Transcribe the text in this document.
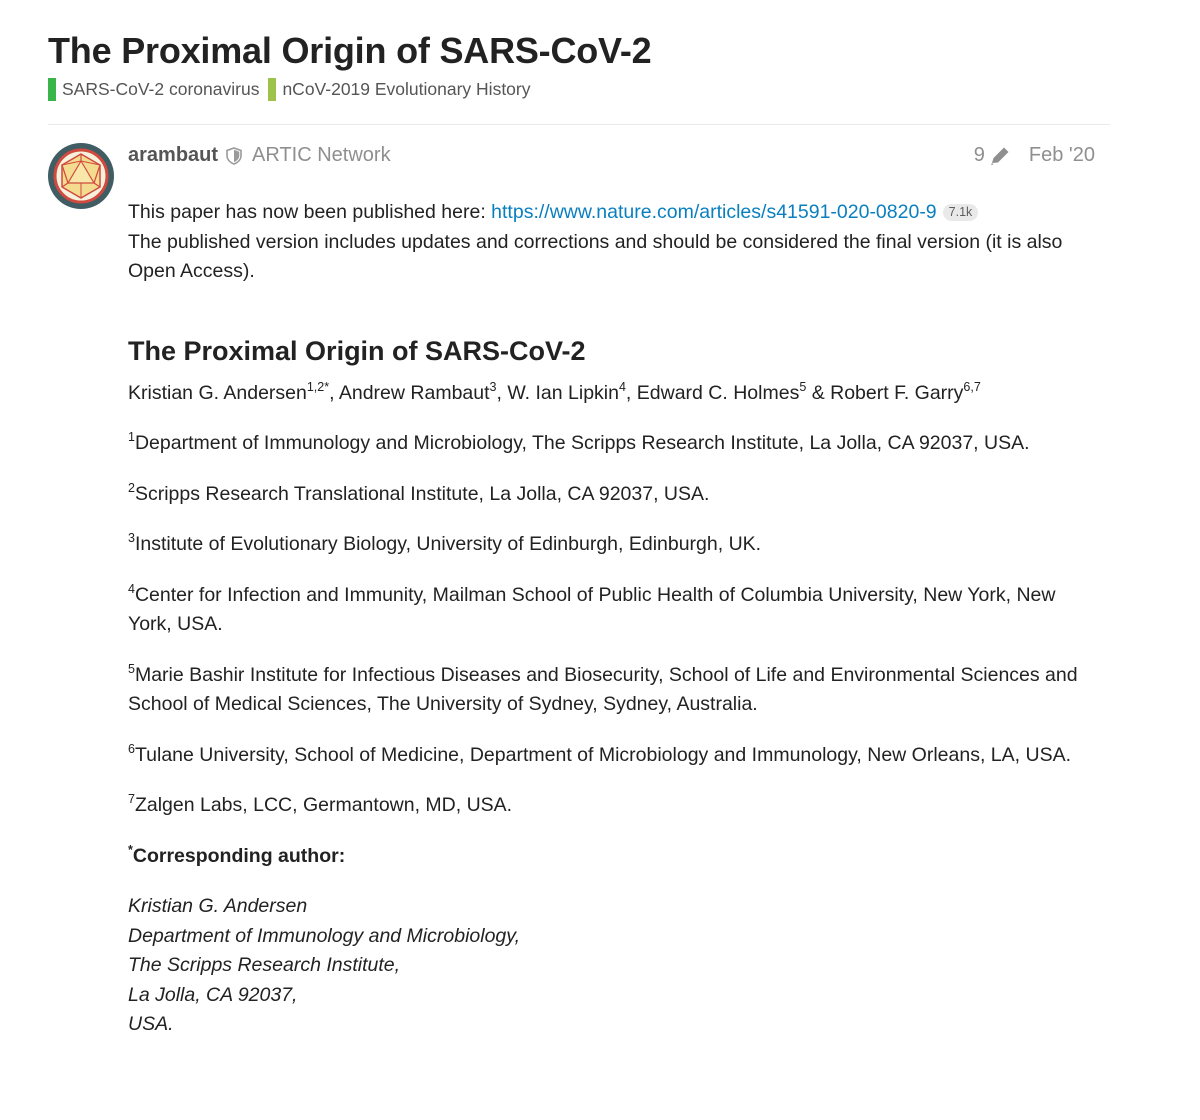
The Proximal Origin of SARS-CoV-2
SARS-CoV-2 coronavirus nCoV-2019 Evolutionary History
arambaut ARTIC Network	9 Feb '20

This paper has now been published here: https://www.nature.com/articles/s41591-020-0820-9 7.1k
The published version includes updates and corrections and should be considered the final version (it is also Open Access).

The Proximal Origin of SARS-CoV-2

Kristian G. Andersen$^{1,2*}$, Andrew Rambaut$^3$, W. Ian Lipkin$^4$, Edward C. Holmes$^5$ & Robert F. Garry$^{6,7}$

$^1$Department of Immunology and Microbiology, The Scripps Research Institute, La Jolla, CA 92037, USA.

$^2$Scripps Research Translational Institute, La Jolla, CA 92037, USA.

$^3$Institute of Evolutionary Biology, University of Edinburgh, Edinburgh, UK.

$^4$Center for Infection and Immunity, Mailman School of Public Health of Columbia University, New York, New York, USA.

$^5$Marie Bashir Institute for Infectious Diseases and Biosecurity, School of Life and Environmental Sciences and School of Medical Sciences, The University of Sydney, Sydney, Australia.

$^6$Tulane University, School of Medicine, Department of Microbiology and Immunology, New Orleans, LA, USA.

$^7$Zalgen Labs, LCC, Germantown, MD, USA.

*Corresponding author:

Kristian G. Andersen
Department of Immunology and Microbiology,
The Scripps Research Institute,
La Jolla, CA 92037,
USA.
